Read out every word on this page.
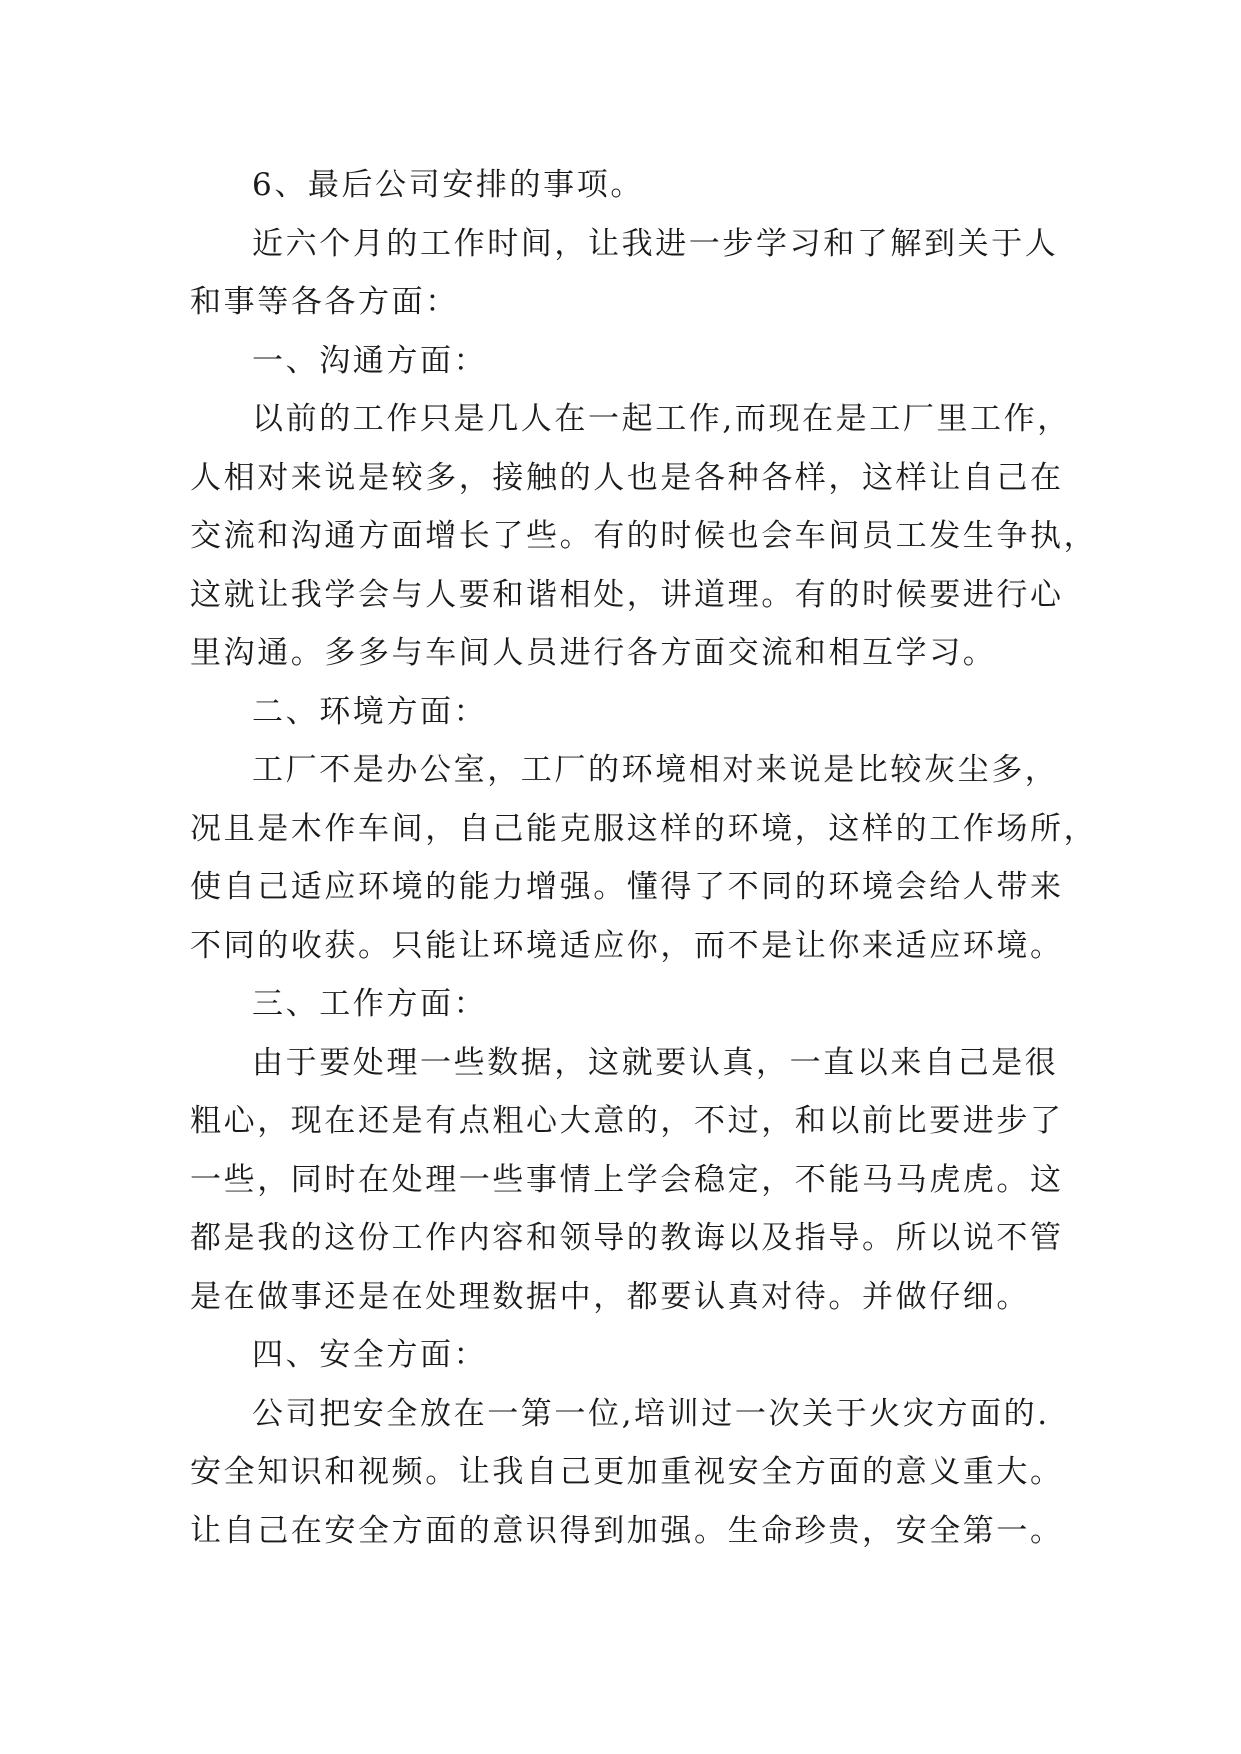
6、最后公司安排的事项。
近六个月的工作时间，让我进一步学习和了解到关于人
和事等各各方面：
一、沟通方面：
以前的工作只是几人在一起工作,而现在是工厂里工作，
人相对来说是较多，接触的人也是各种各样，这样让自己在
交流和沟通方面增长了些。有的时候也会车间员工发生争执，
这就让我学会与人要和谐相处，讲道理。有的时候要进行心
里沟通。多多与车间人员进行各方面交流和相互学习。
二、环境方面：
工厂不是办公室，工厂的环境相对来说是比较灰尘多，
况且是木作车间，自己能克服这样的环境，这样的工作场所，
使自己适应环境的能力增强。懂得了不同的环境会给人带来
不同的收获。只能让环境适应你，而不是让你来适应环境。
三、工作方面：
由于要处理一些数据，这就要认真，一直以来自己是很
粗心，现在还是有点粗心大意的，不过，和以前比要进步了
一些，同时在处理一些事情上学会稳定，不能马马虎虎。这
都是我的这份工作内容和领导的教诲以及指导。所以说不管
是在做事还是在处理数据中，都要认真对待。并做仔细。
四、安全方面：
公司把安全放在一第一位,培训过一次关于火灾方面的.
安全知识和视频。让我自己更加重视安全方面的意义重大。
让自己在安全方面的意识得到加强。生命珍贵，安全第一。
